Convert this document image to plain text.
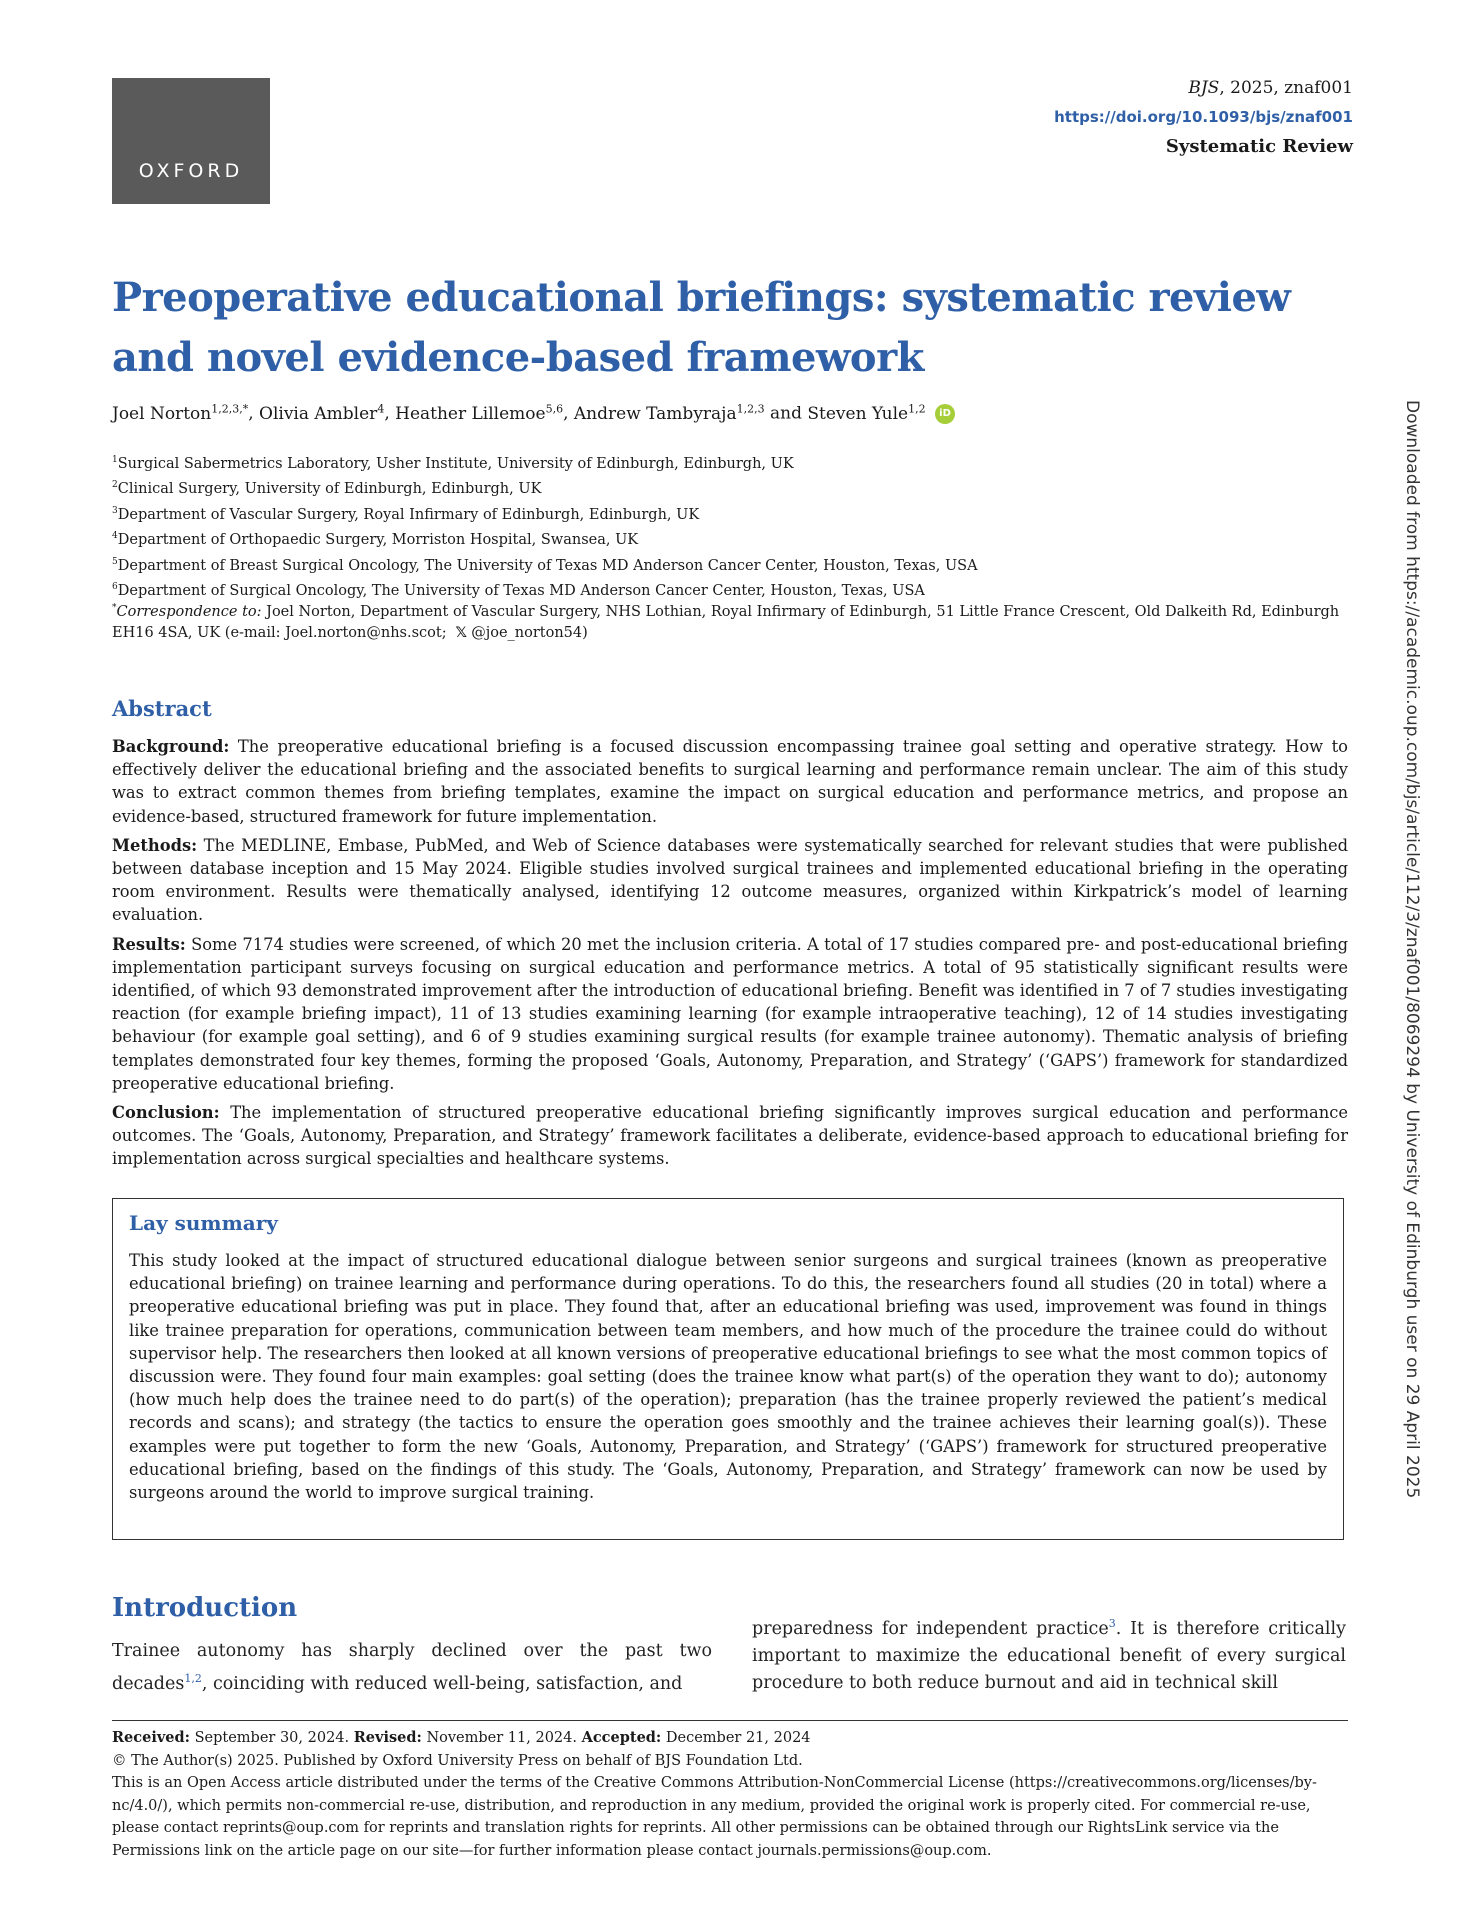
OXFORD
BJS, 2025, znaf001
https://doi.org/10.1093/bjs/znaf001
Systematic Review
Downloaded from https://academic.oup.com/bjs/article/112/3/znaf001/8069294 by University of Edinburgh user on 29 April 2025
Preoperative educational briefings: systematic review and novel evidence-based framework
Joel Norton$^{1,2,3,*}$, Olivia Ambler$^4$, Heather Lillemoe$^{5,6}$, Andrew Tambyraja$^{1,2,3}$ and Steven Yule$^{1,2}$ iD
$^1$Surgical Sabermetrics Laboratory, Usher Institute, University of Edinburgh, Edinburgh, UK
$^2$Clinical Surgery, University of Edinburgh, Edinburgh, UK
$^3$Department of Vascular Surgery, Royal Infirmary of Edinburgh, Edinburgh, UK
$^4$Department of Orthopaedic Surgery, Morriston Hospital, Swansea, UK
$^5$Department of Breast Surgical Oncology, The University of Texas MD Anderson Cancer Center, Houston, Texas, USA
$^6$Department of Surgical Oncology, The University of Texas MD Anderson Cancer Center, Houston, Texas, USA
*Correspondence to: Joel Norton, Department of Vascular Surgery, NHS Lothian, Royal Infirmary of Edinburgh, 51 Little France Crescent, Old Dalkeith Rd, Edinburgh EH16 4SA, UK (e-mail: Joel.norton@nhs.scot; 𝕏 @joe_norton54)
Abstract

Background: The preoperative educational briefing is a focused discussion encompassing trainee goal setting and operative strategy. How to effectively deliver the educational briefing and the associated benefits to surgical learning and performance remain unclear. The aim of this study was to extract common themes from briefing templates, examine the impact on surgical education and performance metrics, and propose an evidence-based, structured framework for future implementation.

Methods: The MEDLINE, Embase, PubMed, and Web of Science databases were systematically searched for relevant studies that were published between database inception and 15 May 2024. Eligible studies involved surgical trainees and implemented educational briefing in the operating room environment. Results were thematically analysed, identifying 12 outcome measures, organized within Kirkpatrick’s model of learning evaluation.

Results: Some 7174 studies were screened, of which 20 met the inclusion criteria. A total of 17 studies compared pre- and post-educational briefing implementation participant surveys focusing on surgical education and performance metrics. A total of 95 statistically significant results were identified, of which 93 demonstrated improvement after the introduction of educational briefing. Benefit was identified in 7 of 7 studies investigating reaction (for example briefing impact), 11 of 13 studies examining learning (for example intraoperative teaching), 12 of 14 studies investigating behaviour (for example goal setting), and 6 of 9 studies examining surgical results (for example trainee autonomy). Thematic analysis of briefing templates demonstrated four key themes, forming the proposed ‘Goals, Autonomy, Preparation, and Strategy’ (‘GAPS’) framework for standardized preoperative educational briefing.

Conclusion: The implementation of structured preoperative educational briefing significantly improves surgical education and performance outcomes. The ‘Goals, Autonomy, Preparation, and Strategy’ framework facilitates a deliberate, evidence-based approach to educational briefing for implementation across surgical specialties and healthcare systems.

Lay summary

This study looked at the impact of structured educational dialogue between senior surgeons and surgical trainees (known as preoperative educational briefing) on trainee learning and performance during operations. To do this, the researchers found all studies (20 in total) where a preoperative educational briefing was put in place. They found that, after an educational briefing was used, improvement was found in things like trainee preparation for operations, communication between team members, and how much of the procedure the trainee could do without supervisor help. The researchers then looked at all known versions of preoperative educational briefings to see what the most common topics of discussion were. They found four main examples: goal setting (does the trainee know what part(s) of the operation they want to do); autonomy (how much help does the trainee need to do part(s) of the operation); preparation (has the trainee properly reviewed the patient’s medical records and scans); and strategy (the tactics to ensure the operation goes smoothly and the trainee achieves their learning goal(s)). These examples were put together to form the new ‘Goals, Autonomy, Preparation, and Strategy’ (‘GAPS’) framework for structured preoperative educational briefing, based on the findings of this study. The ‘Goals, Autonomy, Preparation, and Strategy’ framework can now be used by surgeons around the world to improve surgical training.

Introduction

Trainee autonomy has sharply declined over the past two decades$^{1,2}$, coinciding with reduced well-being, satisfaction, and

preparedness for independent practice$^3$. It is therefore critically important to maximize the educational benefit of every surgical procedure to both reduce burnout and aid in technical skill

Received: September 30, 2024. Revised: November 11, 2024. Accepted: December 21, 2024

© The Author(s) 2025. Published by Oxford University Press on behalf of BJS Foundation Ltd.

This is an Open Access article distributed under the terms of the Creative Commons Attribution-NonCommercial License (https://creativecommons.org/licenses/by-nc/4.0/), which permits non-commercial re-use, distribution, and reproduction in any medium, provided the original work is properly cited. For commercial re-use, please contact reprints@oup.com for reprints and translation rights for reprints. All other permissions can be obtained through our RightsLink service via the Permissions link on the article page on our site—for further information please contact journals.permissions@oup.com.
